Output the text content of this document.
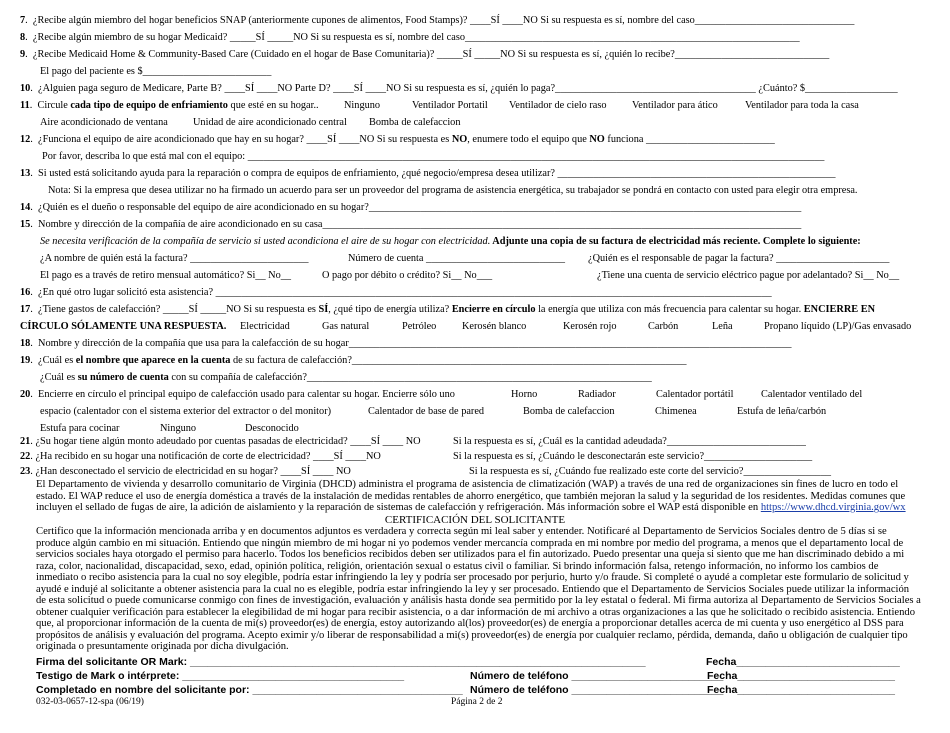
7.  ¿Recibe algún miembro del hogar beneficios SNAP (anteriormente cupones de alimentos, Food Stamps)? ____SÍ ____NO Si su respuesta es sí, nombre del caso_______________________________
8.  ¿Recibe algún miembro de su hogar Medicaid? _____SÍ _____NO Si su respuesta es sí, nombre del caso_________________________________________________________________
9.  ¿Recibe Medicaid Home & Community-Based Care (Cuidado en el hogar de Base Comunitaria)? _____SÍ _____NO Si su respuesta es sí, ¿quién lo recibe?______________________________
El pago del paciente es $_________________________
10.  ¿Alguien paga seguro de Medicare, Parte B? ____SÍ ____NO Parte D? ____SÍ ____NO Si su respuesta es sí, ¿quién lo paga?_______________________________________ ¿Cuánto? $__________________
11.  Circule cada tipo de equipo de enfriamiento que esté en su hogar.. Ninguno	Ventilador Portatil Ventilador de cielo raso Ventilador para ático	Ventilador para toda la casa
Aire acondicionado de ventana Unidad de aire acondicionado central Bomba de calefaccion
12.  ¿Funciona el equipo de aire acondicionado que hay en su hogar? ____SÍ ____NO Si su respuesta es NO, enumere todo el equipo que NO funciona _________________________
Por favor, describa lo que está mal con el equipo: ________________________________________________________________________________________________________________
13.  Si usted está solicitando ayuda para la reparación o compra de equipos de enfriamiento, ¿qué negocio/empresa desea utilizar? ______________________________________________________
Nota: Si la empresa que desea utilizar no ha firmado un acuerdo para ser un proveedor del programa de asistencia energética, su trabajador se pondrá en contacto con usted para elegir otra empresa.
14.  ¿Quién es el dueño o responsable del equipo de aire acondicionado en su hogar?____________________________________________________________________________________
15.  Nombre y dirección de la compañía de aire acondicionado en su casa_____________________________________________________________________________________________
Se necesita verificación de la compañía de servicio si usted acondiciona el aire de su hogar con electricidad. Adjunte una copia de su factura de electricidad más reciente. Complete lo siguiente:
¿A nombre de quién está la factura? _______________________	Número de cuenta ___________________________ ¿Quién es el responsable de pagar la factura? ______________________
El pago es a través de retiro mensual automático? Si__ No__	O pago por débito o crédito? Si__ No___	¿Tiene una cuenta de servicio eléctrico pague por adelantado? Si__ No__
16.  ¿En qué otro lugar solicitó esta asistencia? ____________________________________________________________________________________________________________
17.  ¿Tiene gastos de calefacción? _____SÍ _____NO Si su respuesta es SÍ, ¿qué tipo de energía utiliza? Encierre en círculo la energía que utiliza con más frecuencia para calentar su hogar. ENCIERRE EN
CÍRCULO SÓLAMENTE UNA RESPUESTA. Electricidad	Gas natural	Petróleo Kerosén blanco	Kerosén rojo	Carbón	Leña	Propano líquido (LP)/Gas envasado
18.  Nombre y dirección de la compañía que usa para la calefacción de su hogar______________________________________________________________________________________
19.  ¿Cuál es el nombre que aparece en la cuenta de su factura de calefacción?_________________________________________________________________
¿Cuál es su número de cuenta con su compañía de calefacción?___________________________________________________________________
20.  Encierre en círculo el principal equipo de calefacción usado para calentar su hogar. Encierre sólo uno	Horno	Radiador	Calentador portátil	Calentador ventilado del
espacio (calentador con el sistema exterior del extractor o del monitor)	Calentador de base de pared	Bomba de calefaccion	Chimenea	Estufa de leña/carbón
Estufa para cocinar	Ninguno	Desconocido
21. ¿Su hogar tiene algún monto adeudado por cuentas pasadas de electricidad? ____SÍ ____ NO	Si la respuesta es sí, ¿Cuál es la cantidad adeudada?___________________________
22. ¿Ha recibido en su hogar una notificación de corte de electricidad? ____SÍ ____NO	Si la respuesta es sí, ¿Cuándo le desconectarán este servicio?_____________________
23. ¿Han desconectado el servicio de electricidad en su hogar? ____SÍ ____ NO	Si la respuesta es sí, ¿Cuándo fue realizado este corte del servicio?_________________
El Departamento de vivienda y desarrollo comunitario de Virginia (DHCD) administra el programa de asistencia de climatización (WAP) a través de una red de organizaciones sin fines de lucro en todo el estado. El WAP reduce el uso de energía doméstica a través de la instalación de medidas rentables de ahorro energético, que también mejoran la salud y la seguridad de los residentes. Medidas comunes que incluyen el sellado de fugas de aire, la adición de aislamiento y la reparación de sistemas de calefacción y refrigeración. Más información sobre el WAP está disponible en https://www.dhcd.virginia.gov/wx
CERTIFICACIÓN DEL SOLICITANTE
Certifico que la información mencionada arriba y en documentos adjuntos es verdadera y correcta según mi leal saber y entender. Notificaré al Departamento de Servicios Sociales dentro de 5 días si se produce algún cambio en mi situación. Entiendo que ningún miembro de mi hogar ni yo podemos vender mercancía comprada en mi nombre por medio del programa, a menos que el departamento local de servicios sociales haya otorgado el permiso para hacerlo. Todos los beneficios recibidos deben ser utilizados para el fin autorizado. Puedo presentar una queja si siento que me han discriminado debido a mi raza, color, nacionalidad, discapacidad, sexo, edad, opinión política, religión, orientación sexual o estatus civil o familiar. Si brindo información falsa, retengo información, no informo los cambios de inmediato o recibo asistencia para la cual no soy elegible, podría estar infringiendo la ley y podría ser procesado por perjurio, hurto y/o fraude. Si completé o ayudé a completar este formulario de solicitud y ayudé e indujé al solicitante a obtener asistencia para la cual no es elegible, podría estar infringiendo la ley y ser procesado. Entiendo que el Departamento de Servicios Sociales puede utilizar la información de esta solicitud o puede comunicarse conmigo con fines de investigación, evaluación y análisis hasta donde sea permitido por la ley estatal o federal. Mi firma autoriza al Departamento de Servicios Sociales a obtener cualquier verificación para establecer la elegibilidad de mi hogar para recibir asistencia, o a dar información de mi archivo a otras organizaciones a las que he solicitado o recibido asistencia. Entiendo que, al proporcionar información de la cuenta de mi(s) proveedor(es) de energía, estoy autorizando al(los) proveedor(es) de energía a proporcionar detalles acerca de mi cuenta y uso energético al DSS para propósitos de análisis y evaluación del programa. Acepto eximir y/o liberar de responsabilidad a mi(s) proveedor(es) de energía por cualquier reclamo, pérdida, demanda, daño u obligación de cualquier tipo originada o presuntamente originada por dicha divulgación.
Firma del solicitante OR Mark: ______________________________________________________________________________	Fecha____________________________
Testigo de Mark o intérprete: ______________________________________	Número de teléfono __________________________
Fecha___________________________
Completado en nombre del solicitante por: ____________________________________ Número de teléfono __________________________
Fecha___________________________
032-03-0657-12-spa (06/19)	Página 2 de 2
